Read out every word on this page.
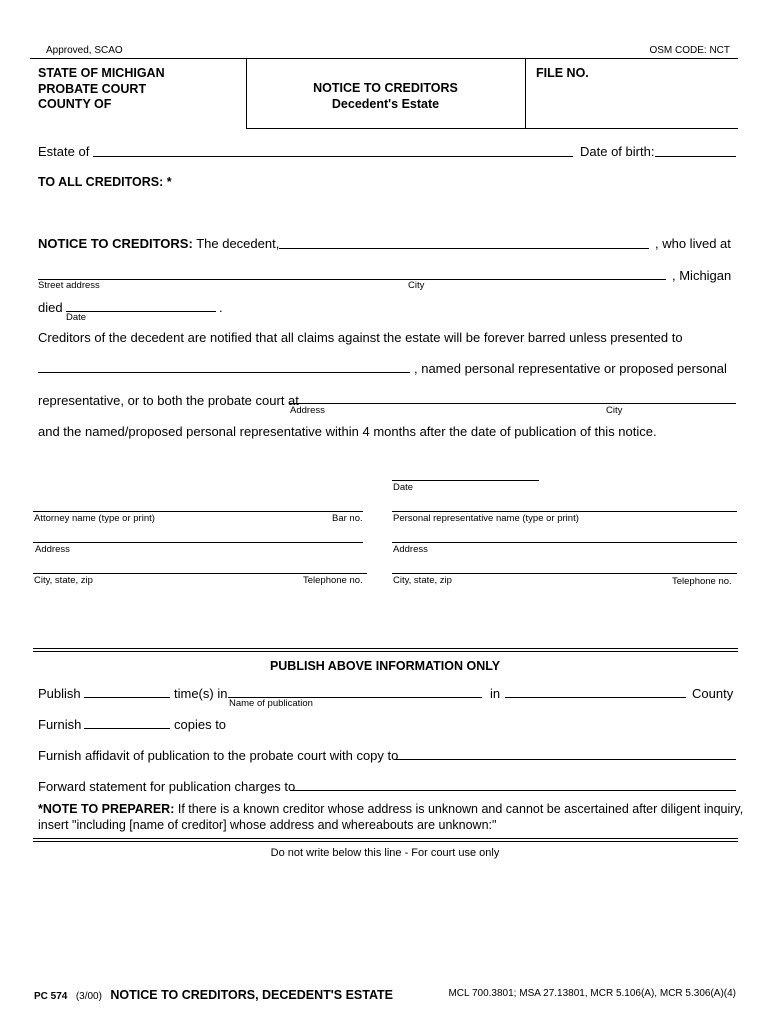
Approved, SCAO	OSM CODE: NCT
STATE OF MICHIGAN
PROBATE COURT
COUNTY OF
NOTICE TO CREDITORS
Decedent's Estate
FILE NO.
Estate of	Date of birth:
TO ALL CREDITORS: *
NOTICE TO CREDITORS: The decedent,	, who lived at
, Michigan
Street address	City
died	.
Date
Creditors of the decedent are notified that all claims against the estate will be forever barred unless presented to
, named personal representative or proposed personal
representative, or to both the probate court at
Address	City
and the named/proposed personal representative within 4 months after the date of publication of this notice.
Date
Attorney name (type or print)	Bar no.	Personal representative name (type or print)
Address	Address
City, state, zip	Telephone no.	City, state, zip	Telephone no.
PUBLISH ABOVE INFORMATION ONLY
Publish	time(s) in
Name of publication
in	County
Furnish	copies to
Furnish affidavit of publication to the probate court with copy to
Forward statement for publication charges to
*NOTE TO PREPARER: If there is a known creditor whose address is unknown and cannot be ascertained after diligent inquiry,
insert "including [name of creditor] whose address and whereabouts are unknown:"
Do not write below this line - For court use only
PC 574 (3/00) NOTICE TO CREDITORS, DECEDENT'S ESTATE	MCL 700.3801; MSA 27.13801, MCR 5.106(A), MCR 5.306(A)(4)
